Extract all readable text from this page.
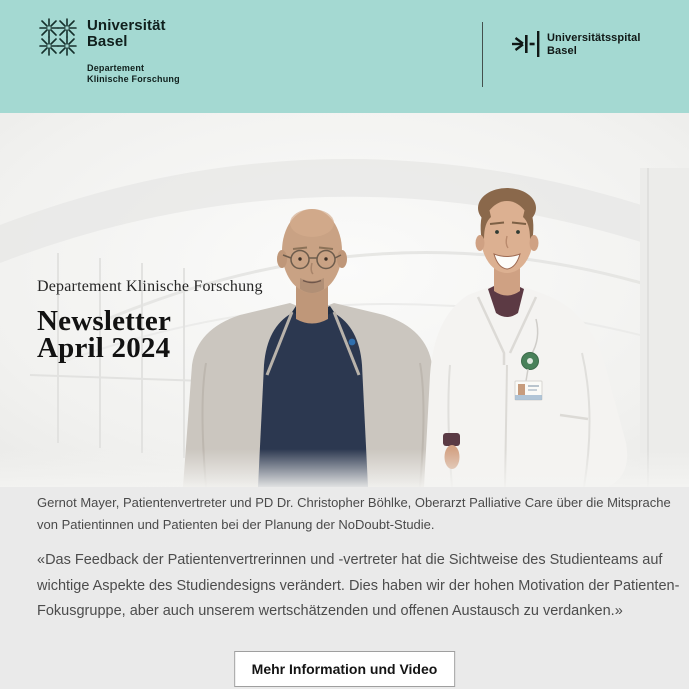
Universität
Basel
Departement
Klinische Forschung
Universitätsspital
Basel
Departement Klinische Forschung
Newsletter
April 2024
Gernot Mayer, Patientenvertreter und PD Dr. Christopher Böhlke, Oberarzt Palliative Care über die Mitsprache von Patientinnen und Patienten bei der Planung der NoDoubt-Studie.
«Das Feedback der Patientenvertrerinnen und -vertreter hat die Sichtweise des Studienteams auf wichtige Aspekte des Studiendesigns verändert. Dies haben wir der hohen Motivation der Patienten-Fokusgruppe, aber auch unserem wertschätzenden und offenen Austausch zu verdanken.»
Mehr Information und Video
